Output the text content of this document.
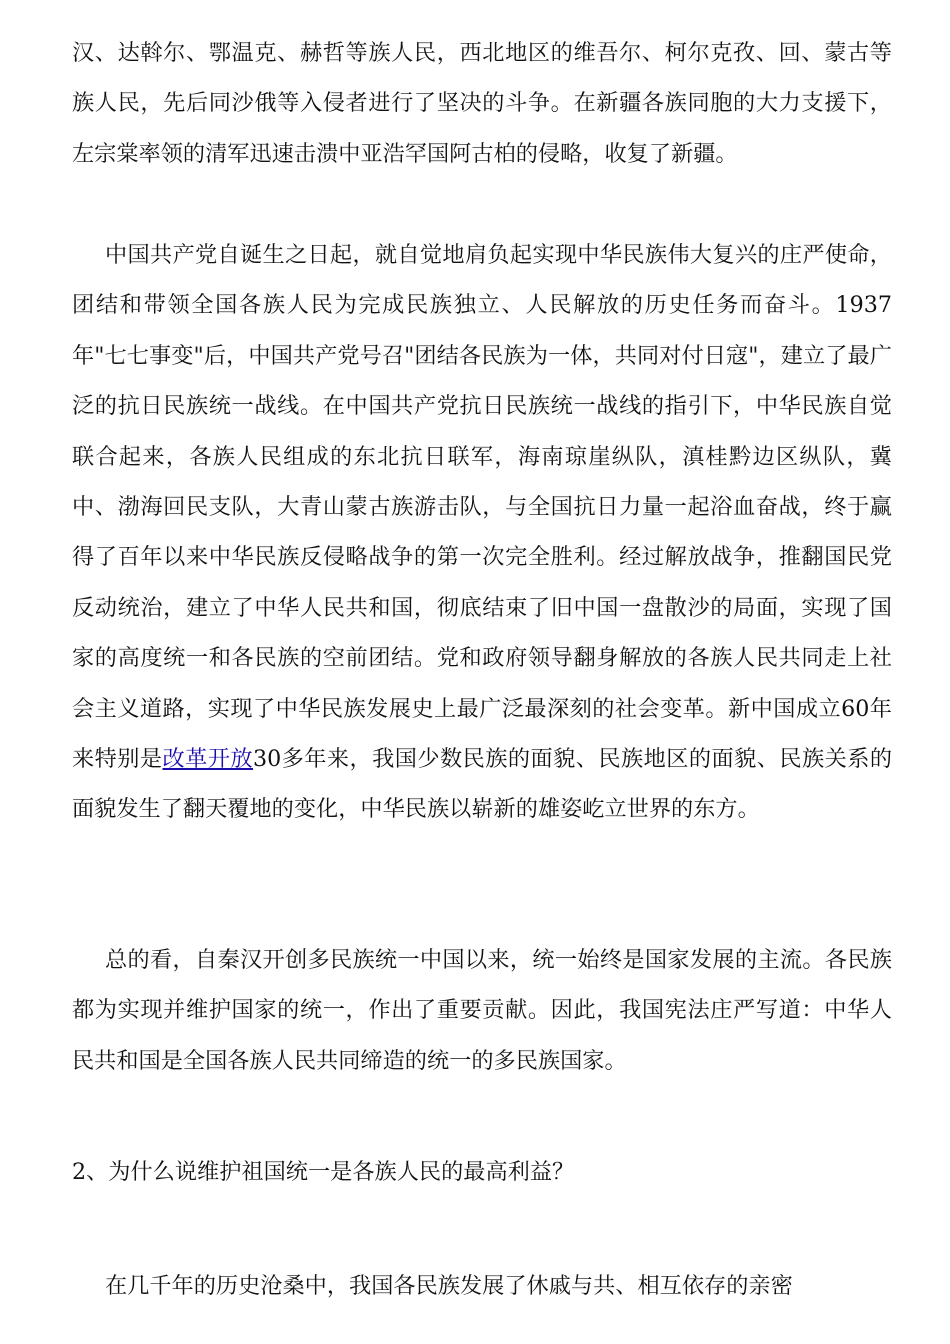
汉、达斡尔、鄂温克、赫哲等族人民，西北地区的维吾尔、柯尔克孜、回、蒙古等族人民，先后同沙俄等入侵者进行了坚决的斗争。在新疆各族同胞的大力支援下，左宗棠率领的清军迅速击溃中亚浩罕国阿古柏的侵略，收复了新疆。

中国共产党自诞生之日起，就自觉地肩负起实现中华民族伟大复兴的庄严使命，团结和带领全国各族人民为完成民族独立、人民解放的历史任务而奋斗。1937年"七七事变"后，中国共产党号召"团结各民族为一体，共同对付日寇"，建立了最广泛的抗日民族统一战线。在中国共产党抗日民族统一战线的指引下，中华民族自觉联合起来，各族人民组成的东北抗日联军，海南琼崖纵队，滇桂黔边区纵队，冀中、渤海回民支队，大青山蒙古族游击队，与全国抗日力量一起浴血奋战，终于赢得了百年以来中华民族反侵略战争的第一次完全胜利。经过解放战争，推翻国民党反动统治，建立了中华人民共和国，彻底结束了旧中国一盘散沙的局面，实现了国家的高度统一和各民族的空前团结。党和政府领导翻身解放的各族人民共同走上社会主义道路，实现了中华民族发展史上最广泛最深刻的社会变革。新中国成立60年来特别是改革开放30多年来，我国少数民族的面貌、民族地区的面貌、民族关系的面貌发生了翻天覆地的变化，中华民族以崭新的雄姿屹立世界的东方。

总的看，自秦汉开创多民族统一中国以来，统一始终是国家发展的主流。各民族都为实现并维护国家的统一，作出了重要贡献。因此，我国宪法庄严写道：中华人民共和国是全国各族人民共同缔造的统一的多民族国家。

2、为什么说维护祖国统一是各族人民的最高利益？

在几千年的历史沧桑中，我国各民族发展了休戚与共、相互依存的亲密
